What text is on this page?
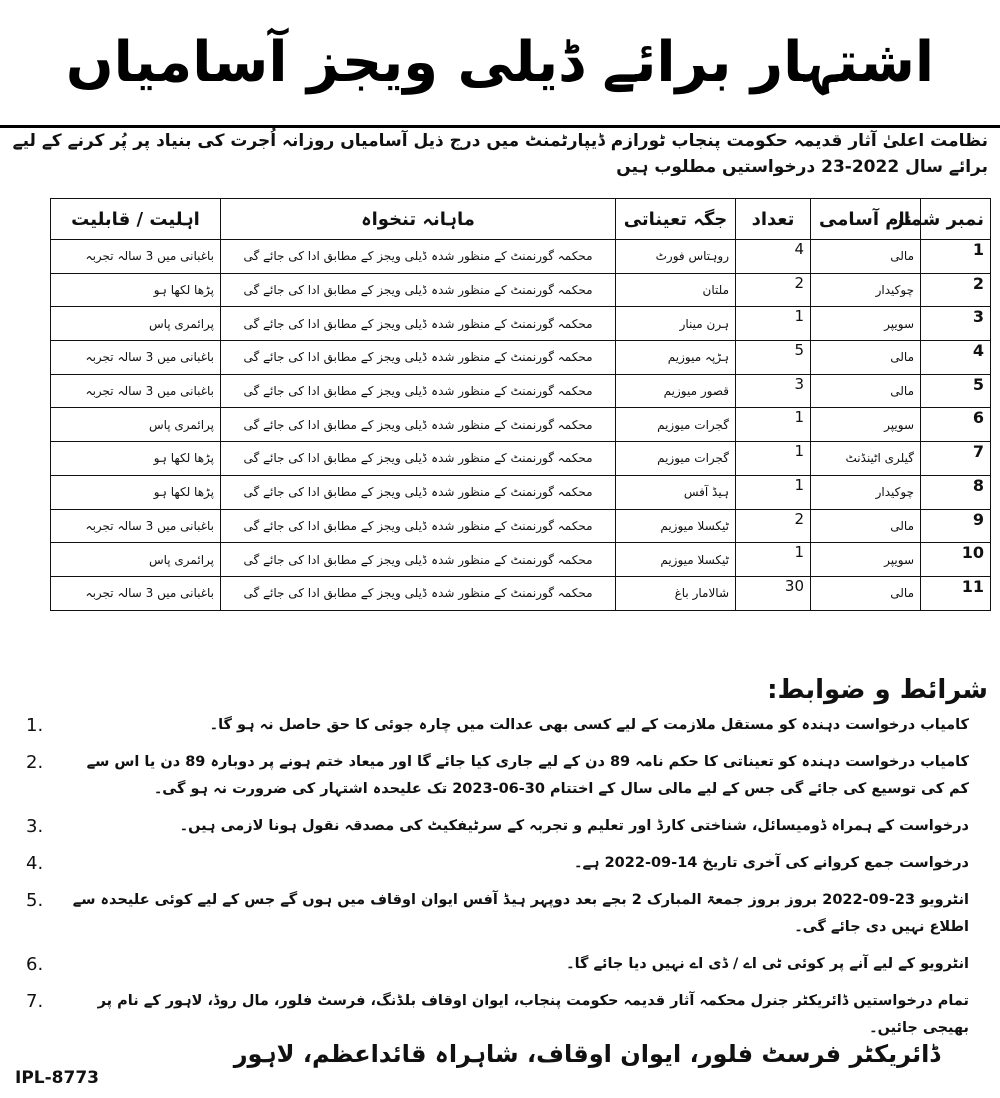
اشتہار برائے ڈیلی ویجز آسامیاں
نظامت اعلیٰ آثار قدیمہ حکومت پنجاب ٹورازم ڈیپارٹمنٹ میں درج ذیل آسامیاں روزانہ اُجرت کی بنیاد پر پُر کرنے کے لیے
برائے سال 2022-23 درخواستیں مطلوب ہیں
نمبر شمار	نام آسامی	تعداد	جگہ تعیناتی	ماہانہ تنخواہ	اہلیت / قابلیت
1	مالی	4	روہتاس فورٹ	محکمہ گورنمنٹ کے منظور شدہ ڈیلی ویجز کے مطابق ادا کی جائے گی	باغبانی میں 3 سالہ تجربہ
2	چوکیدار	2	ملتان	محکمہ گورنمنٹ کے منظور شدہ ڈیلی ویجز کے مطابق ادا کی جائے گی	پڑھا لکھا ہو
3	سویپر	1	ہرن مینار	محکمہ گورنمنٹ کے منظور شدہ ڈیلی ویجز کے مطابق ادا کی جائے گی	پرائمری پاس
4	مالی	5	ہڑپہ میوزیم	محکمہ گورنمنٹ کے منظور شدہ ڈیلی ویجز کے مطابق ادا کی جائے گی	باغبانی میں 3 سالہ تجربہ
5	مالی	3	قصور میوزیم	محکمہ گورنمنٹ کے منظور شدہ ڈیلی ویجز کے مطابق ادا کی جائے گی	باغبانی میں 3 سالہ تجربہ
6	سویپر	1	گجرات میوزیم	محکمہ گورنمنٹ کے منظور شدہ ڈیلی ویجز کے مطابق ادا کی جائے گی	پرائمری پاس
7	گیلری اٹینڈنٹ	1	گجرات میوزیم	محکمہ گورنمنٹ کے منظور شدہ ڈیلی ویجز کے مطابق ادا کی جائے گی	پڑھا لکھا ہو
8	چوکیدار	1	ہیڈ آفس	محکمہ گورنمنٹ کے منظور شدہ ڈیلی ویجز کے مطابق ادا کی جائے گی	پڑھا لکھا ہو
9	مالی	2	ٹیکسلا میوزیم	محکمہ گورنمنٹ کے منظور شدہ ڈیلی ویجز کے مطابق ادا کی جائے گی	باغبانی میں 3 سالہ تجربہ
10	سویپر	1	ٹیکسلا میوزیم	محکمہ گورنمنٹ کے منظور شدہ ڈیلی ویجز کے مطابق ادا کی جائے گی	پرائمری پاس
11	مالی	30	شالامار باغ	محکمہ گورنمنٹ کے منظور شدہ ڈیلی ویجز کے مطابق ادا کی جائے گی	باغبانی میں 3 سالہ تجربہ
شرائط و ضوابط:
1.	کامیاب درخواست دہندہ کو مستقل ملازمت کے لیے کسی بھی عدالت میں چارہ جوئی کا حق حاصل نہ ہو گا۔
2.	کامیاب درخواست دہندہ کو تعیناتی کا حکم نامہ 89 دن کے لیے جاری کیا جائے گا اور میعاد ختم ہونے پر دوبارہ 89 دن یا اس سے کم کی توسیع کی جائے گی جس کے لیے مالی سال کے اختتام 30-06-2023 تک علیحدہ اشتہار کی ضرورت نہ ہو گی۔
3.	درخواست کے ہمراہ ڈومیسائل، شناختی کارڈ اور تعلیم و تجربہ کے سرٹیفکیٹ کی مصدقہ نقول ہونا لازمی ہیں۔
4.	درخواست جمع کروانے کی آخری تاریخ 14-09-2022 ہے۔
5. انٹرویو 23-09-2022 بروز بروز جمعۃ المبارک 2 بجے بعد دوپہر ہیڈ آفس ایوان اوقاف میں ہوں گے جس کے لیے کوئی علیحدہ سے اطلاع نہیں دی جائے گی۔
6.	انٹرویو کے لیے آنے پر کوئی ٹی اے / ڈی اے نہیں دیا جائے گا۔
7.	تمام درخواستیں ڈائریکٹر جنرل محکمہ آثار قدیمہ حکومت پنجاب، ایوان اوقاف بلڈنگ، فرسٹ فلور، مال روڈ، لاہور کے نام پر بھیجی جائیں۔
ڈائریکٹر فرسٹ فلور، ایوان اوقاف، شاہراہ قائداعظم، لاہور
IPL-8773
